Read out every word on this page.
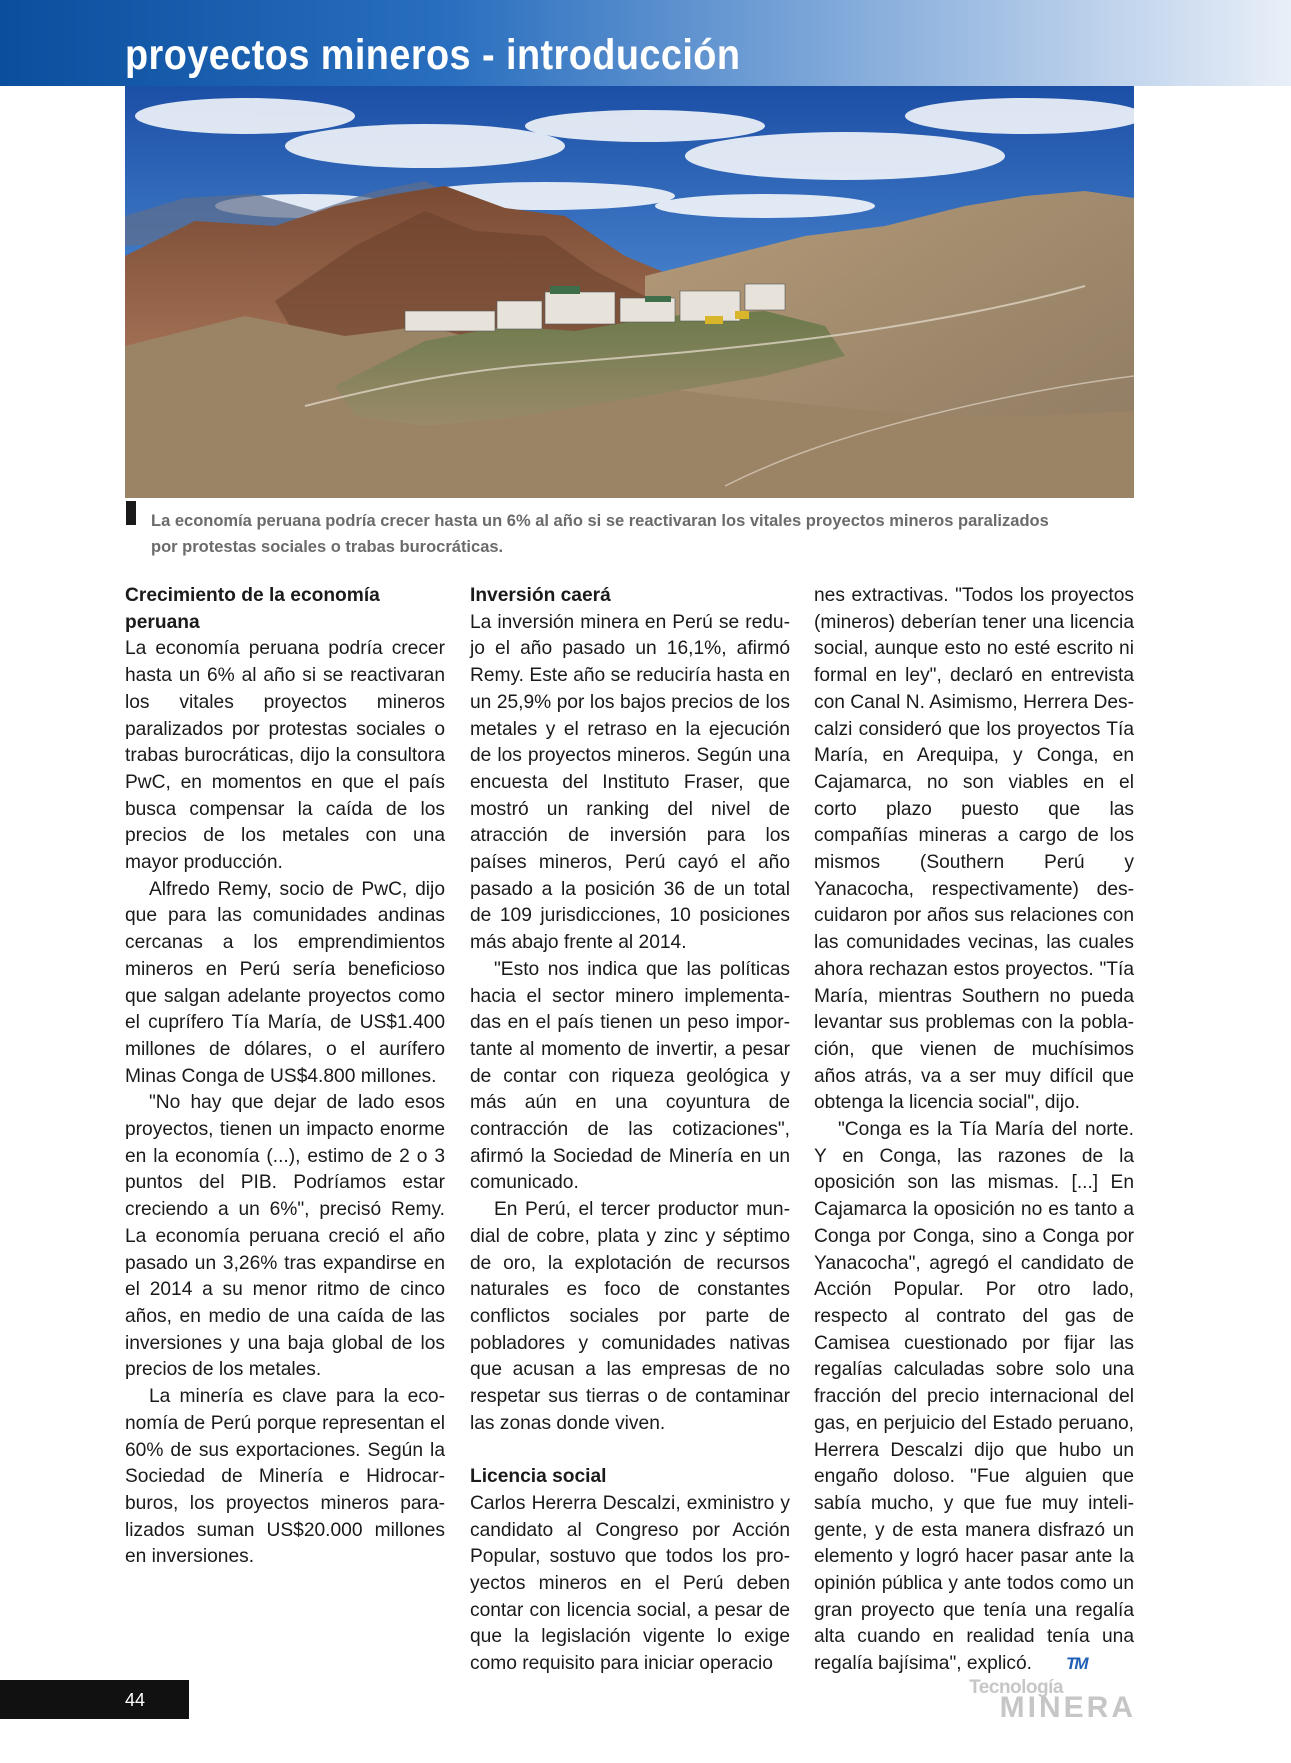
proyectos mineros - introducción

La economía peruana podría crecer hasta un 6% al año si se reactivaran los vitales proyectos mineros paralizados por protestas sociales o trabas burocráticas.

Crecimiento de la economía peruana

La economía peruana podría crecer hasta un 6% al año si se reactivaran los vitales proyectos mineros paralizados por protestas sociales o trabas burocráticas, dijo la consultora PwC, en momentos en que el país busca compensar la caída de los precios de los metales con una mayor producción.

Alfredo Remy, socio de PwC, dijo que para las comunidades andinas cercanas a los emprendimientos mineros en Perú sería beneficioso que salgan adelante proyectos como el cuprífero Tía María, de US$1.400 millones de dólares, o el aurífero Minas Conga de US$4.800 millones.

"No hay que dejar de lado esos proyectos, tienen un impacto enorme en la economía (...), estimo de 2 o 3 puntos del PIB. Podríamos estar creciendo a un 6%", precisó Remy. La economía peruana creció el año pasado un 3,26% tras expandirse en el 2014 a su menor ritmo de cinco años, en medio de una caída de las inversiones y una baja global de los precios de los metales.

La minería es clave para la economía de Perú porque representan el 60% de sus exportaciones. Según la Sociedad de Minería e Hidrocarburos, los proyectos mineros paralizados suman US$20.000 millones en inversiones.

Inversión caerá

La inversión minera en Perú se redujo el año pasado un 16,1%, afirmó Remy. Este año se reduciría hasta en un 25,9% por los bajos precios de los metales y el retraso en la ejecución de los proyectos mineros. Según una encuesta del Instituto Fraser, que mostró un ranking del nivel de atracción de inversión para los países mineros, Perú cayó el año pasado a la posición 36 de un total de 109 jurisdicciones, 10 posiciones más abajo frente al 2014.

"Esto nos indica que las políticas hacia el sector minero implementadas en el país tienen un peso importante al momento de invertir, a pesar de contar con riqueza geológica y más aún en una coyuntura de contracción de las cotizaciones", afirmó la Sociedad de Minería en un comunicado.

En Perú, el tercer productor mundial de cobre, plata y zinc y séptimo de oro, la explotación de recursos naturales es foco de constantes conflictos sociales por parte de pobladores y comunidades nativas que acusan a las empresas de no respetar sus tierras o de contaminar las zonas donde viven.

Licencia social

Carlos Hererra Descalzi, exministro y candidato al Congreso por Acción Popular, sostuvo que todos los proyectos mineros en el Perú deben contar con licencia social, a pesar de que la legislación vigente lo exige como requisito para iniciar operacio

nes extractivas. "Todos los proyectos (mineros) deberían tener una licencia social, aunque esto no esté escrito ni formal en ley", declaró en entrevista con Canal N. Asimismo, Herrera Descalzi consideró que los proyectos Tía María, en Arequipa, y Conga, en Cajamarca, no son viables en el corto plazo puesto que las compañías mineras a cargo de los mismos (Southern Perú y Yanacocha, respectivamente) descuidaron por años sus relaciones con las comunidades vecinas, las cuales ahora rechazan estos proyectos. "Tía María, mientras Southern no pueda levantar sus problemas con la población, que vienen de muchísimos años atrás, va a ser muy difícil que obtenga la licencia social", dijo.

"Conga es la Tía María del norte. Y en Conga, las razones de la oposición son las mismas. [...] En Cajamarca la oposición no es tanto a Conga por Conga, sino a Conga por Yanacocha", agregó el candidato de Acción Popular. Por otro lado, respecto al contrato del gas de Camisea cuestionado por fijar las regalías calculadas sobre solo una fracción del precio internacional del gas, en perjuicio del Estado peruano, Herrera Descalzi dijo que hubo un engaño doloso. "Fue alguien que sabía mucho, y que fue muy inteligente, y de esta manera disfrazó un elemento y logró hacer pasar ante la opinión pública y ante todos como un gran proyecto que tenía una regalía alta cuando en realidad tenía una regalía bajísima", explicó. TM

44

Tecnología
MINERA
